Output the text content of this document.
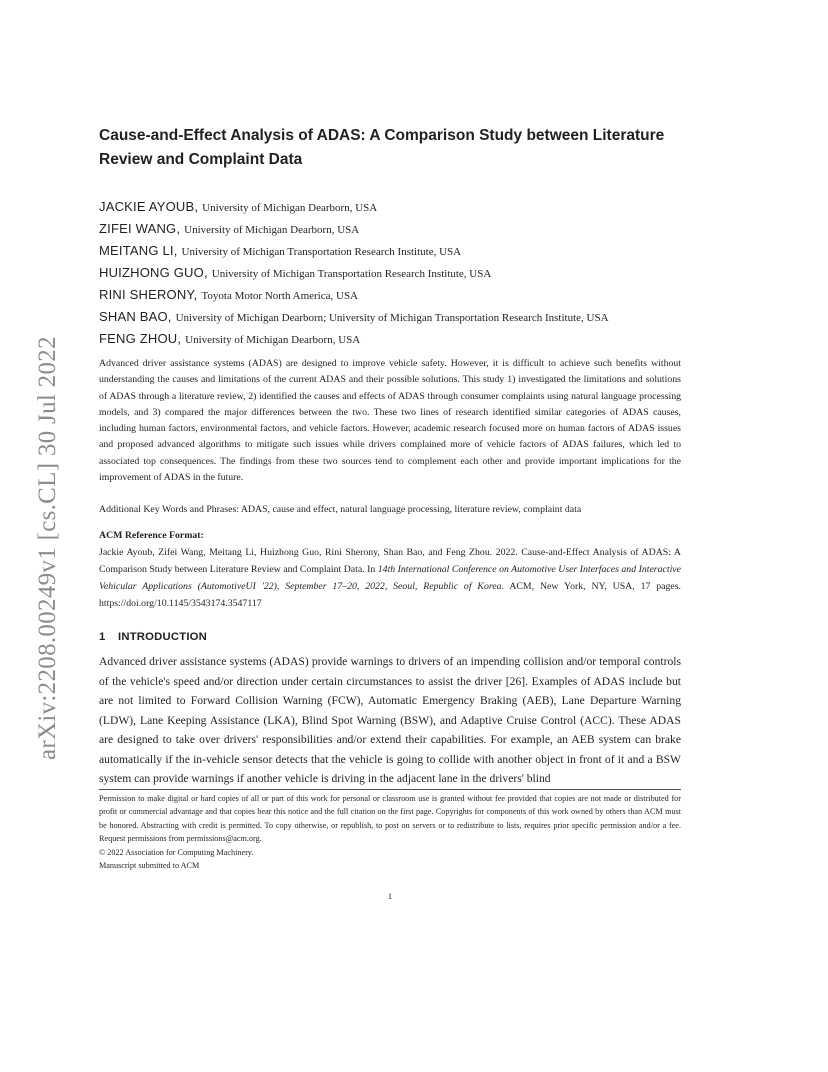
arXiv:2208.00249v1 [cs.CL] 30 Jul 2022
Cause-and-Effect Analysis of ADAS: A Comparison Study between Literature Review and Complaint Data
JACKIE AYOUB, University of Michigan Dearborn, USA
ZIFEI WANG, University of Michigan Dearborn, USA
MEITANG LI, University of Michigan Transportation Research Institute, USA
HUIZHONG GUO, University of Michigan Transportation Research Institute, USA
RINI SHERONY, Toyota Motor North America, USA
SHAN BAO, University of Michigan Dearborn; University of Michigan Transportation Research Institute, USA
FENG ZHOU, University of Michigan Dearborn, USA
Advanced driver assistance systems (ADAS) are designed to improve vehicle safety. However, it is difficult to achieve such benefits without understanding the causes and limitations of the current ADAS and their possible solutions. This study 1) investigated the limitations and solutions of ADAS through a literature review, 2) identified the causes and effects of ADAS through consumer complaints using natural language processing models, and 3) compared the major differences between the two. These two lines of research identified similar categories of ADAS causes, including human factors, environmental factors, and vehicle factors. However, academic research focused more on human factors of ADAS issues and proposed advanced algorithms to mitigate such issues while drivers complained more of vehicle factors of ADAS failures, which led to associated top consequences. The findings from these two sources tend to complement each other and provide important implications for the improvement of ADAS in the future.
Additional Key Words and Phrases: ADAS, cause and effect, natural language processing, literature review, complaint data
ACM Reference Format:
Jackie Ayoub, Zifei Wang, Meitang Li, Huizhong Guo, Rini Sherony, Shan Bao, and Feng Zhou. 2022. Cause-and-Effect Analysis of ADAS: A Comparison Study between Literature Review and Complaint Data. In 14th International Conference on Automotive User Interfaces and Interactive Vehicular Applications (AutomotiveUI '22), September 17–20, 2022, Seoul, Republic of Korea. ACM, New York, NY, USA, 17 pages. https://doi.org/10.1145/3543174.3547117
1 INTRODUCTION
Advanced driver assistance systems (ADAS) provide warnings to drivers of an impending collision and/or temporal controls of the vehicle's speed and/or direction under certain circumstances to assist the driver [26]. Examples of ADAS include but are not limited to Forward Collision Warning (FCW), Automatic Emergency Braking (AEB), Lane Departure Warning (LDW), Lane Keeping Assistance (LKA), Blind Spot Warning (BSW), and Adaptive Cruise Control (ACC). These ADAS are designed to take over drivers' responsibilities and/or extend their capabilities. For example, an AEB system can brake automatically if the in-vehicle sensor detects that the vehicle is going to collide with another object in front of it and a BSW system can provide warnings if another vehicle is driving in the adjacent lane in the drivers' blind
Permission to make digital or hard copies of all or part of this work for personal or classroom use is granted without fee provided that copies are not made or distributed for profit or commercial advantage and that copies bear this notice and the full citation on the first page. Copyrights for components of this work owned by others than ACM must be honored. Abstracting with credit is permitted. To copy otherwise, or republish, to post on servers or to redistribute to lists, requires prior specific permission and/or a fee. Request permissions from permissions@acm.org.
© 2022 Association for Computing Machinery.
Manuscript submitted to ACM
1
